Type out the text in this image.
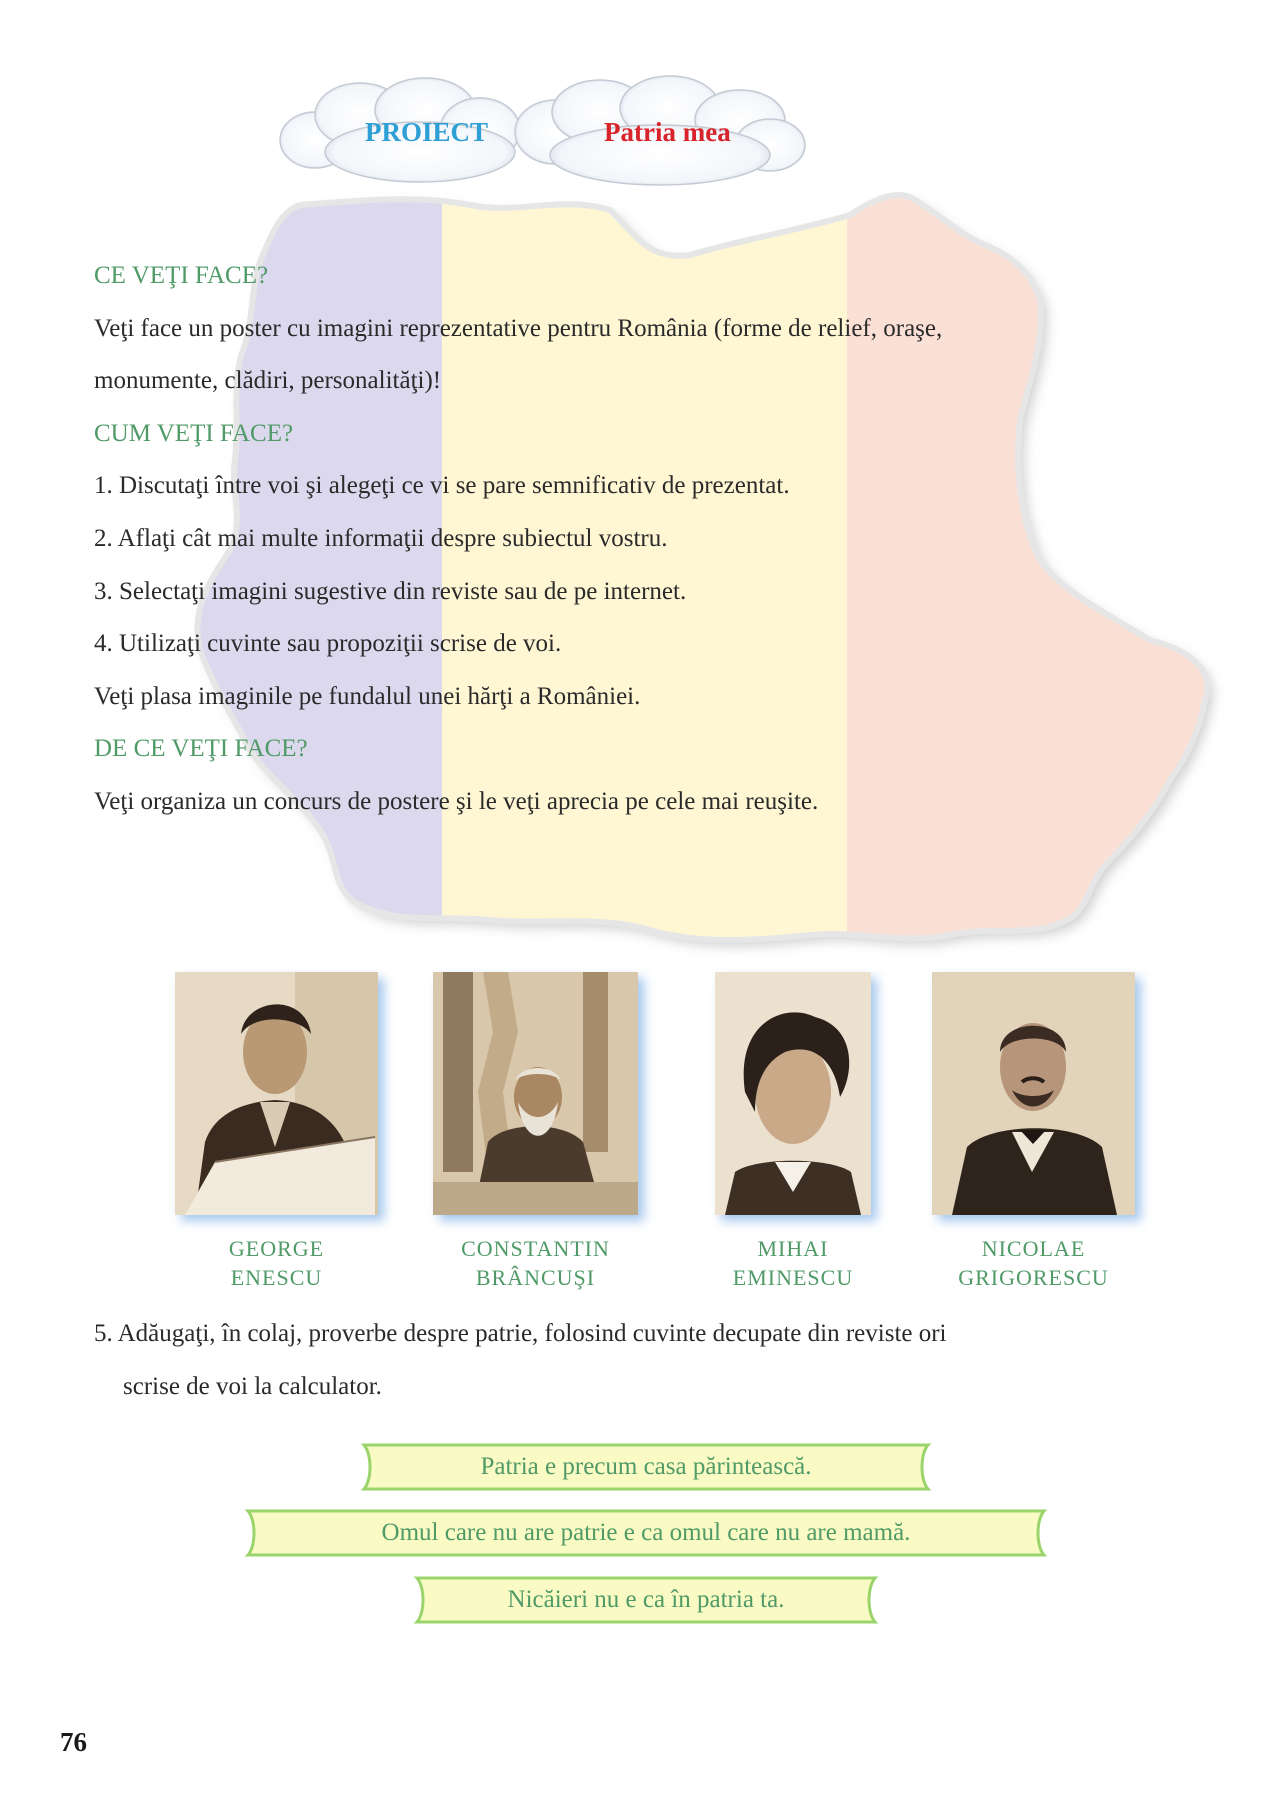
PROIECT	Patria mea
CE VEŢI FACE?
Veţi face un poster cu imagini reprezentative pentru România (forme de relief, oraşe,
monumente, clădiri, personalităţi)!
CUM VEŢI FACE?
1. Discutaţi între voi şi alegeţi ce vi se pare semnificativ de prezentat.
2. Aflaţi cât mai multe informaţii despre subiectul vostru.
3. Selectaţi imagini sugestive din reviste sau de pe internet.
4. Utilizaţi cuvinte sau propoziţii scrise de voi.
Veţi plasa imaginile pe fundalul unei hărţi a României.
DE CE VEŢI FACE?
Veţi organiza un concurs de postere şi le veţi aprecia pe cele mai reuşite.
GEORGE
ENESCU
CONSTANTIN
BRÂNCUŞI
MIHAI
EMINESCU
NICOLAE
GRIGORESCU
5. Adăugaţi, în colaj, proverbe despre patrie, folosind cuvinte decupate din reviste ori
scrise de voi la calculator.
Patria e precum casa părintească.
Omul care nu are patrie e ca omul care nu are mamă.
Nicăieri nu e ca în patria ta.
76
